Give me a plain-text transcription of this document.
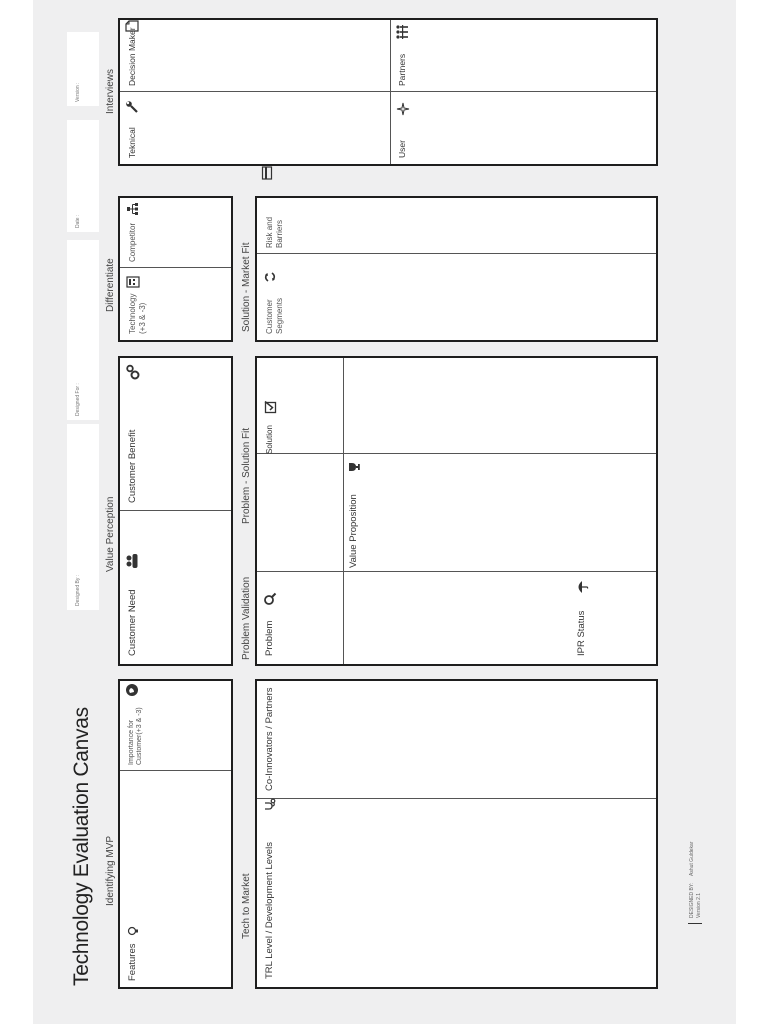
Technology Evaluation Canvas
Designed By :
Designed For :
Date :
Version :
Identifying MVP
Value Perception
Differentiate
Interviews
Tech to Market
Problem Validation
Problem - Solution Fit
Solution - Market Fit
Features
Importance for
Customer(+3 & -3)
TRL Level / Development Levels
Co-Innovators / Partners
Customer Need
Customer Benefit
Problem
Solution
Value Proposition
IPR Status
Technology
(+3 & -3)
Competitor
Customer
Segments
Risk and Barriers
Teknical
Decision Maker
User
Partners
DESIGNED BY:
Ashut Guldekar
Version 2.1
